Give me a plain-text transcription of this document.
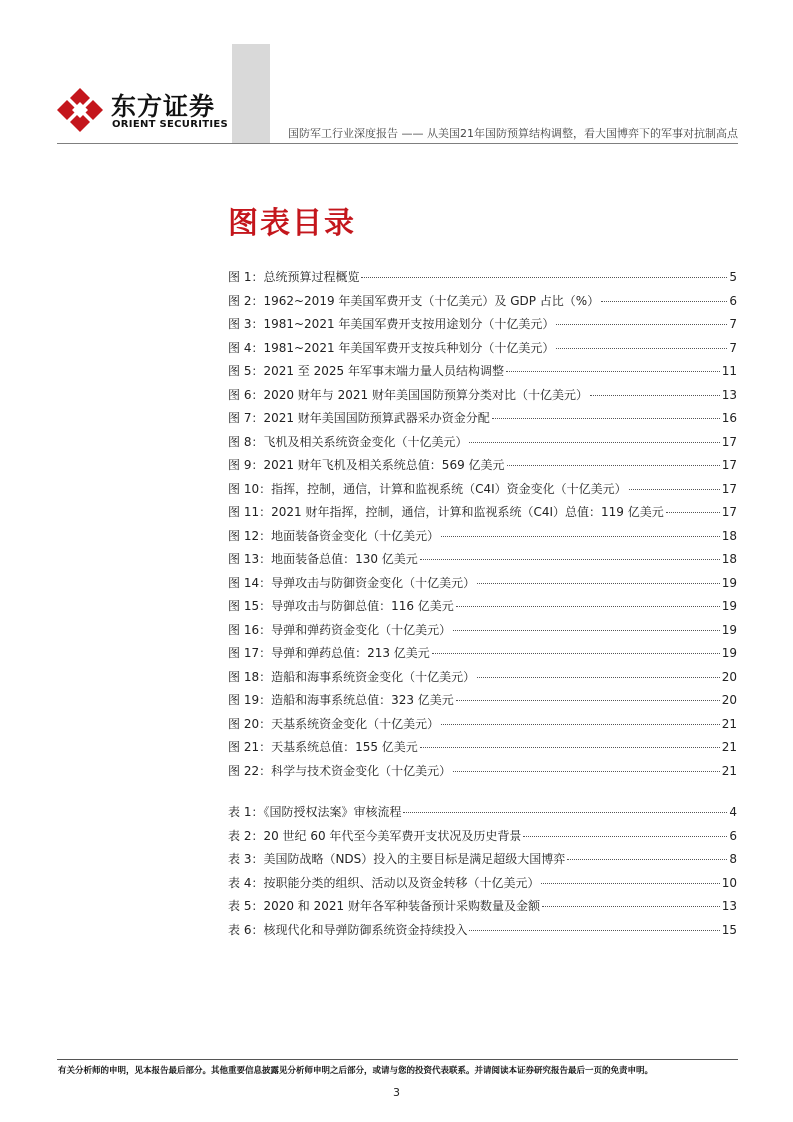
东方证券
ORIENT SECURITIES
国防军工行业深度报告 —— 从美国21年国防预算结构调整，看大国博弈下的军事对抗制高点
图表目录
图 1：总统预算过程概览	5
图 2：1962~2019 年美国军费开支（十亿美元）及 GDP 占比（%）	6
图 3：1981~2021 年美国军费开支按用途划分（十亿美元）	7
图 4：1981~2021 年美国军费开支按兵种划分（十亿美元）	7
图 5：2021 至 2025 年军事末端力量人员结构调整	11
图 6：2020 财年与 2021 财年美国国防预算分类对比（十亿美元）	13
图 7：2021 财年美国国防预算武器采办资金分配	16
图 8：飞机及相关系统资金变化（十亿美元）	17
图 9：2021 财年飞机及相关系统总值：569 亿美元	17
图 10：指挥，控制，通信，计算和监视系统（C4I）资金变化（十亿美元）	17
图 11：2021 财年指挥，控制，通信，计算和监视系统（C4I）总值：119 亿美元	17
图 12：地面装备资金变化（十亿美元）	18
图 13：地面装备总值：130 亿美元	18
图 14：导弹攻击与防御资金变化（十亿美元）	19
图 15：导弹攻击与防御总值：116 亿美元	19
图 16：导弹和弹药资金变化（十亿美元）	19
图 17：导弹和弹药总值：213 亿美元	19
图 18：造船和海事系统资金变化（十亿美元）	20
图 19：造船和海事系统总值：323 亿美元	20
图 20：天基系统资金变化（十亿美元）	21
图 21：天基系统总值：155 亿美元	21
图 22：科学与技术资金变化（十亿美元）	21
表 1：《国防授权法案》审核流程	4
表 2：20 世纪 60 年代至今美军费开支状况及历史背景	6
表 3：美国防战略（NDS）投入的主要目标是满足超级大国博弈	8
表 4：按职能分类的组织、活动以及资金转移（十亿美元）	10
表 5：2020 和 2021 财年各军种装备预计采购数量及金额	13
表 6：核现代化和导弹防御系统资金持续投入	15
有关分析师的申明，见本报告最后部分。其他重要信息披露见分析师申明之后部分，或请与您的投资代表联系。并请阅读本证券研究报告最后一页的免责申明。
3
